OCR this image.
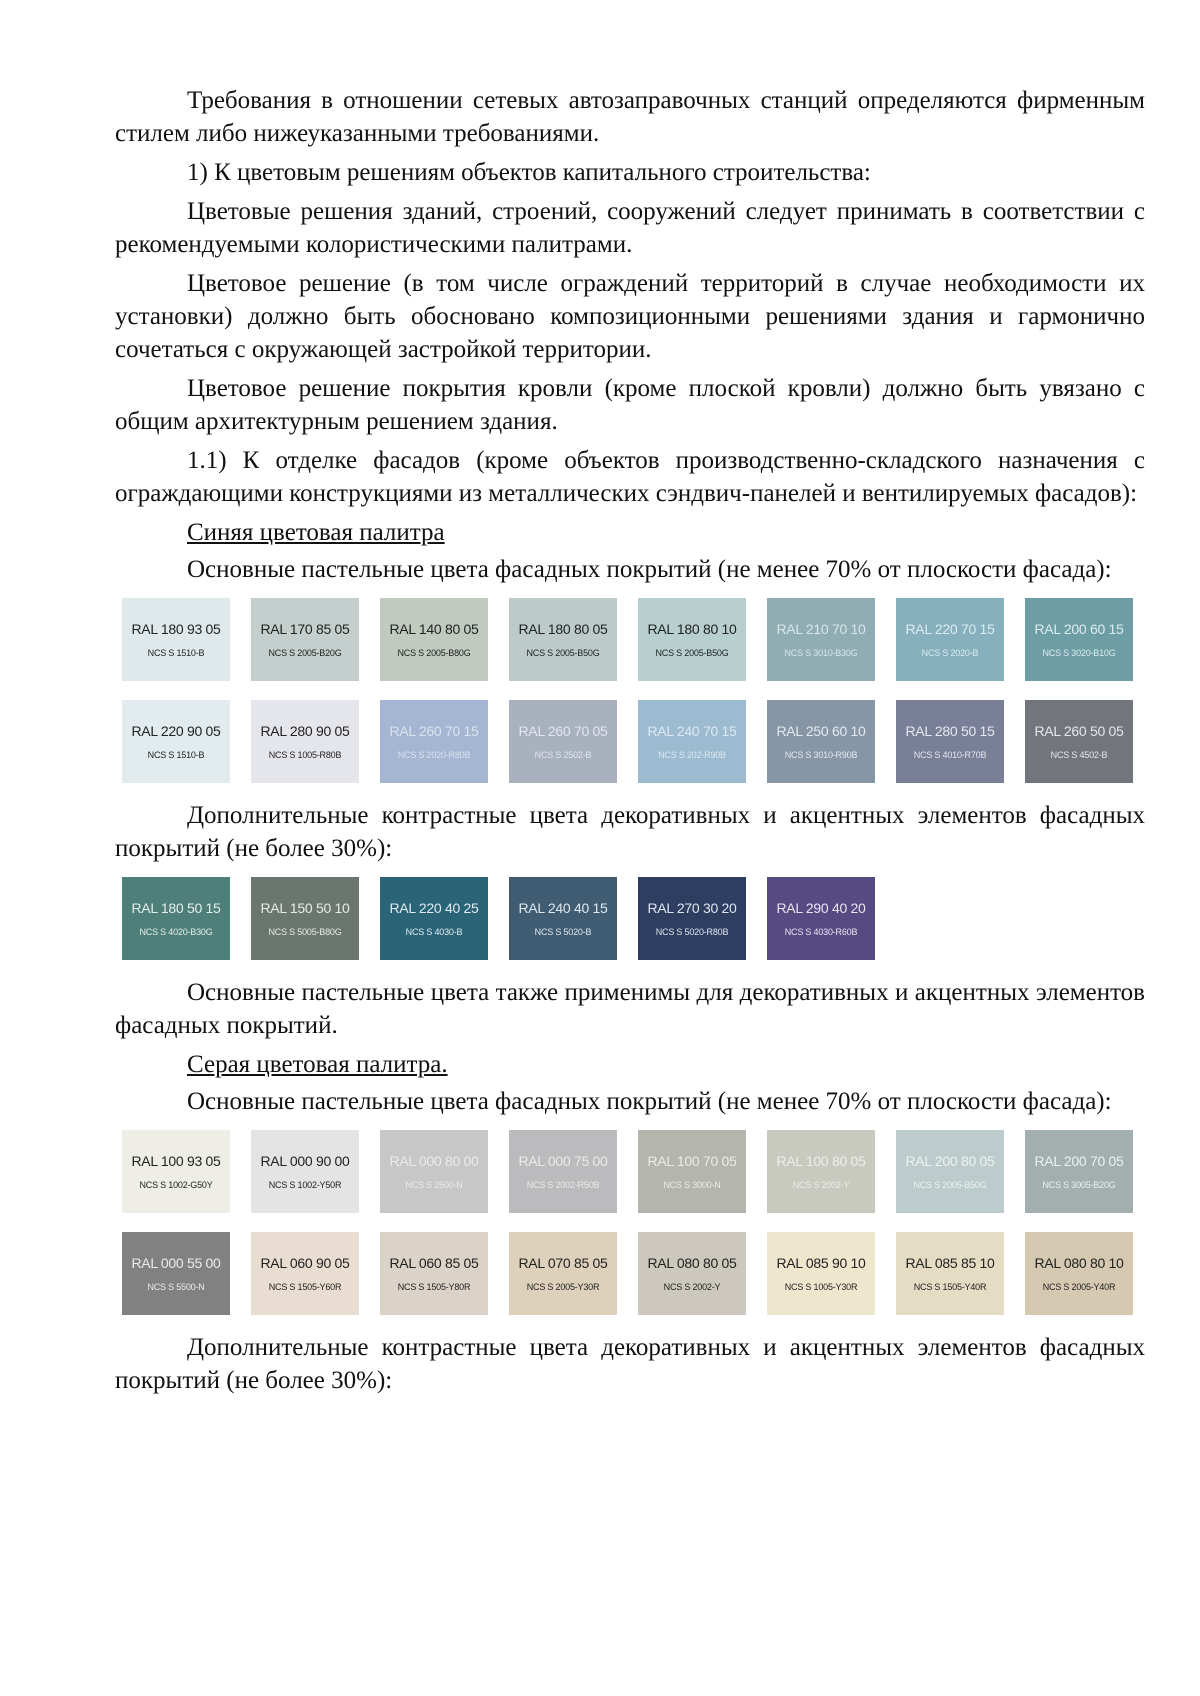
Требования в отношении сетевых автозаправочных станций определяются фирменным стилем либо нижеуказанными требованиями.

1) К цветовым решениям объектов капитального строительства:

Цветовые решения зданий, строений, сооружений следует принимать в соответствии с рекомендуемыми колористическими палитрами.

Цветовое решение (в том числе ограждений территорий в случае необходимости их установки) должно быть обосновано композиционными решениями здания и гармонично сочетаться с окружающей застройкой территории.

Цветовое решение покрытия кровли (кроме плоской кровли) должно быть увязано с общим архитектурным решением здания.

1.1) К отделке фасадов (кроме объектов производственно-складского назначения с ограждающими конструкциями из металлических сэндвич-панелей и вентилируемых фасадов):

Синяя цветовая палитра

Основные пастельные цвета фасадных покрытий (не менее 70% от плоскости фасада):

RAL 180 93 05
NCS S 1510-B
RAL 170 85 05
NCS S 2005-B20G
RAL 140 80 05
NCS S 2005-B80G
RAL 180 80 05
NCS S 2005-B50G
RAL 180 80 10
NCS S 2005-B50G
RAL 210 70 10
NCS S 3010-B30G
RAL 220 70 15
NCS S 2020-B
RAL 200 60 15
NCS S 3020-B10G
RAL 220 90 05
NCS S 1510-B
RAL 280 90 05
NCS S 1005-R80B
RAL 260 70 15
NCS S 2020-R80B
RAL 260 70 05
NCS S 2502-B
RAL 240 70 15
NCS S 202-R90B
RAL 250 60 10
NCS S 3010-R90B
RAL 280 50 15
NCS S 4010-R70B
RAL 260 50 05
NCS S 4502-B

Дополнительные контрастные цвета декоративных и акцентных элементов фасадных покрытий (не более 30%):

RAL 180 50 15
NCS S 4020-B30G
RAL 150 50 10
NCS S 5005-B80G
RAL 220 40 25
NCS S 4030-B
RAL 240 40 15
NCS S 5020-B
RAL 270 30 20
NCS S 5020-R80B
RAL 290 40 20
NCS S 4030-R60B

Основные пастельные цвета также применимы для декоративных и акцентных элементов фасадных покрытий.

Серая цветовая палитра.

Основные пастельные цвета фасадных покрытий (не менее 70% от плоскости фасада):

RAL 100 93 05
NCS S 1002-G50Y
RAL 000 90 00
NCS S 1002-Y50R
RAL 000 80 00
NCS S 2500-N
RAL 000 75 00
NCS S 2002-R50B
RAL 100 70 05
NCS S 3000-N
RAL 100 80 05
NCS S 2002-Y
RAL 200 80 05
NCS S 2005-B50G
RAL 200 70 05
NCS S 3005-B20G
RAL 000 55 00
NCS S 5500-N
RAL 060 90 05
NCS S 1505-Y60R
RAL 060 85 05
NCS S 1505-Y80R
RAL 070 85 05
NCS S 2005-Y30R
RAL 080 80 05
NCS S 2002-Y
RAL 085 90 10
NCS S 1005-Y30R
RAL 085 85 10
NCS S 1505-Y40R
RAL 080 80 10
NCS S 2005-Y40R

Дополнительные контрастные цвета декоративных и акцентных элементов фасадных покрытий (не более 30%):
